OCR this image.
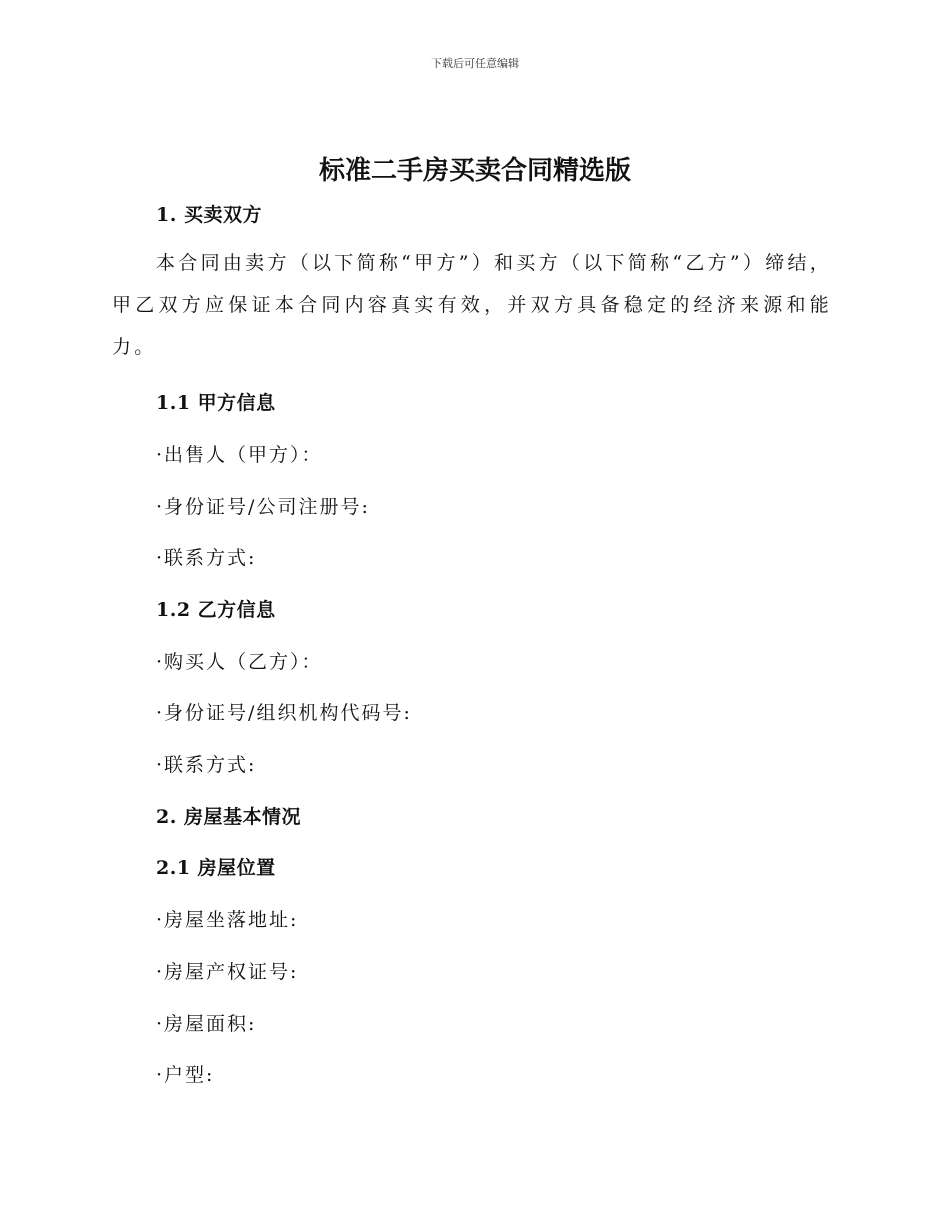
下载后可任意编辑
标准二手房买卖合同精选版
1. 买卖双方
本合同由卖方（以下简称“甲方”）和买方（以下简称“乙方”）缔结，甲乙双方应保证本合同内容真实有效，并双方具备稳定的经济来源和能力。
1.1 甲方信息
·出售人（甲方）：
·身份证号/公司注册号:
·联系方式:
1.2 乙方信息
·购买人（乙方）：
·身份证号/组织机构代码号:
·联系方式:
2. 房屋基本情况
2.1 房屋位置
·房屋坐落地址:
·房屋产权证号:
·房屋面积:
·户型:
